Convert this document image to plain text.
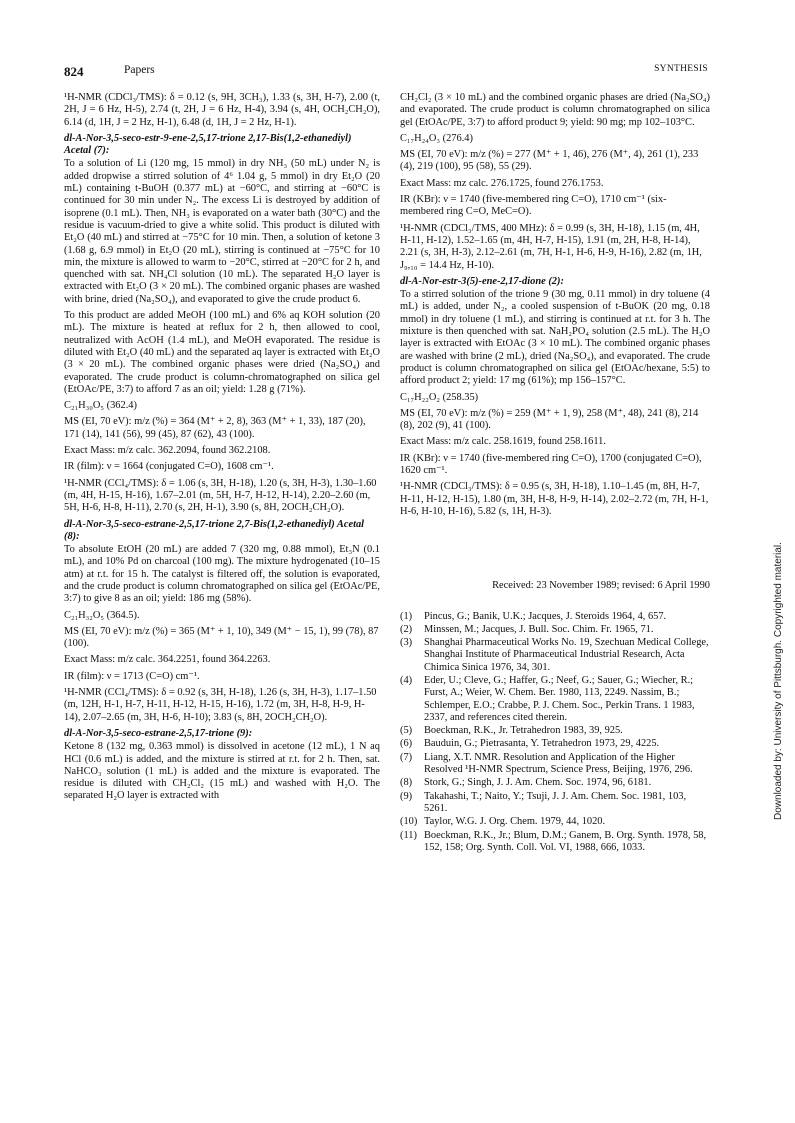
824	Papers	SYNTHESIS
¹H-NMR (CDCl₃/TMS): δ = 0.12 (s, 9H, 3CH₃), 1.33 (s, 3H, H-7), 2.00 (t, 2H, J = 6 Hz, H-5), 2.74 (t, 2H, J = 6 Hz, H-4), 3.94 (s, 4H, OCH₂CH₂O), 6.14 (d, 1H, J = 2 Hz, H-1), 6.48 (d, 1H, J = 2 Hz, H-1).
dl-A-Nor-3,5-seco-estr-9-ene-2,5,17-trione 2,17-Bis(1,2-ethanediyl) Acetal (7):
To a solution of Li (120 mg, 15 mmol) in dry NH₃ (50 mL) under N₂ is added dropwise a stirred solution of 4⁶ 1.04 g, 5 mmol) in dry Et₂O (20 mL) containing t-BuOH (0.377 mL) at −60°C, and stirring at −60°C is continued for 30 min under N₂. The excess Li is destroyed by addition of isoprene (0.1 mL). Then, NH₃ is evaporated on a water bath (30°C) and the residue is vacuum-dried to give a white solid. This product is diluted with Et₂O (40 mL) and stirred at −75°C for 10 min. Then, a solution of ketone 3 (1.68 g, 6.9 mmol) in Et₂O (20 mL), stirring is continued at −75°C for 10 min, the mixture is allowed to warm to −20°C, stirred at −20°C for 2 h, and quenched with sat. NH₄Cl solution (10 mL). The separated H₂O layer is extracted with Et₂O (3 × 20 mL). The combined organic phases are washed with brine, dried (Na₂SO₄), and evaporated to give the crude product 6.
To this product are added MeOH (100 mL) and 6% aq KOH solution (20 mL). The mixture is heated at reflux for 2 h, then allowed to cool, neutralized with AcOH (1.4 mL), and MeOH evaporated. The residue is diluted with Et₂O (40 mL) and the separated aq layer is extracted with Et₂O (3 × 20 mL). The combined organic phases were dried (Na₂SO₄) and evaporated. The crude product is column-chromatographed on silica gel (EtOAc/PE, 3:7) to afford 7 as an oil; yield: 1.28 g (71%).
C₂₁H₃₀O₅ (362.4)
MS (EI, 70 eV): m/z (%) = 364 (M⁺ + 2, 8), 363 (M⁺ + 1, 33), 187 (20), 171 (14), 141 (56), 99 (45), 87 (62), 43 (100).
Exact Mass: m/z calc. 362.2094, found 362.2108.
IR (film): ν = 1664 (conjugated C=O), 1608 cm⁻¹.
¹H-NMR (CCl₄/TMS): δ = 1.06 (s, 3H, H-18), 1.20 (s, 3H, H-3), 1.30–1.60 (m, 4H, H-15, H-16), 1.67–2.01 (m, 5H, H-7, H-12, H-14), 2.20–2.60 (m, 5H, H-6, H-8, H-11), 2.70 (s, 2H, H-1), 3.90 (s, 8H, 2OCH₂CH₂O).
dl-A-Nor-3,5-seco-estrane-2,5,17-trione 2,7-Bis(1,2-ethanediyl) Acetal (8):
To absolute EtOH (20 mL) are added 7 (320 mg, 0.88 mmol), Et₃N (0.1 mL), and 10% Pd on charcoal (100 mg). The mixture hydrogenated (10–15 atm) at r.t. for 15 h. The catalyst is filtered off, the solution is evaporated, and the crude product is column chromatographed on silica gel (EtOAc/PE, 3:7) to give 8 as an oil; yield: 186 mg (58%).
C₂₁H₃₂O₅ (364.5).
MS (EI, 70 eV): m/z (%) = 365 (M⁺ + 1, 10), 349 (M⁺ − 15, 1), 99 (78), 87 (100).
Exact Mass: m/z calc. 364.2251, found 364.2263.
IR (film): ν = 1713 (C=O) cm⁻¹.
¹H-NMR (CCl₄/TMS): δ = 0.92 (s, 3H, H-18), 1.26 (s, 3H, H-3), 1.17–1.50 (m, 12H, H-1, H-7, H-11, H-12, H-15, H-16), 1.72 (m, 3H, H-8, H-9, H-14), 2.07–2.65 (m, 3H, H-6, H-10); 3.83 (s, 8H, 2OCH₂CH₂O).
dl-A-Nor-3,5-seco-estrane-2,5,17-trione (9):
Ketone 8 (132 mg, 0.363 mmol) is dissolved in acetone (12 mL), 1 N aq HCl (0.6 mL) is added, and the mixture is stirred at r.t. for 2 h. Then, sat. NaHCO₃ solution (1 mL) is added and the mixture is evaporated. The residue is diluted with CH₂Cl₂ (15 mL) and washed with H₂O. The separated H₂O layer is extracted with
CH₂Cl₂ (3 × 10 mL) and the combined organic phases are dried (Na₂SO₄) and evaporated. The crude product is column chromatographed on silica gel (EtOAc/PE, 3:7) to afford product 9; yield: 90 mg; mp 102–103°C.
C₁₇H₂₄O₃ (276.4)
MS (EI, 70 eV): m/z (%) = 277 (M⁺ + 1, 46), 276 (M⁺, 4), 261 (1), 233 (4), 219 (100), 95 (58), 55 (29).
Exact Mass: mz calc. 276.1725, found 276.1753.
IR (KBr): ν = 1740 (five-membered ring C=O), 1710 cm⁻¹ (six-membered ring C=O, MeC=O).
¹H-NMR (CDCl₃/TMS, 400 MHz): δ = 0.99 (s, 3H, H-18), 1.15 (m, 4H, H-11, H-12), 1.52–1.65 (m, 4H, H-7, H-15), 1.91 (m, 2H, H-8, H-14), 2.21 (s, 3H, H-3), 2.12–2.61 (m, 7H, H-1, H-6, H-9, H-16), 2.82 (m, 1H, J₉,₁₀ = 14.4 Hz, H-10).
dl-A-Nor-estr-3(5)-ene-2,17-dione (2):
To a stirred solution of the trione 9 (30 mg, 0.11 mmol) in dry toluene (4 mL) is added, under N₂, a cooled suspension of t-BuOK (20 mg, 0.18 mmol) in dry toluene (1 mL), and stirring is continued at r.t. for 3 h. The mixture is then quenched with sat. NaH₂PO₄ solution (2.5 mL). The H₂O layer is extracted with EtOAc (3 × 10 mL). The combined organic phases are washed with brine (2 mL), dried (Na₂SO₄), and evaporated. The crude product is column chromatographed on silica gel (EtOAc/hexane, 5:5) to afford product 2; yield: 17 mg (61%); mp 156–157°C.
C₁₇H₂₂O₂ (258.35)
MS (EI, 70 eV): m/z (%) = 259 (M⁺ + 1, 9), 258 (M⁺, 48), 241 (8), 214 (8), 202 (9), 41 (100).
Exact Mass: m/z calc. 258.1619, found 258.1611.
IR (KBr): ν = 1740 (five-membered ring C=O), 1700 (conjugated C=O), 1620 cm⁻¹.
¹H-NMR (CDCl₃/TMS): δ = 0.95 (s, 3H, H-18), 1.10–1.45 (m, 8H, H-7, H-11, H-12, H-15), 1.80 (m, 3H, H-8, H-9, H-14), 2.02–2.72 (m, 7H, H-1, H-6, H-10, H-16), 5.82 (s, 1H, H-3).
Received: 23 November 1989; revised: 6 April 1990
(1)	Pincus, G.; Banik, U.K.; Jacques, J. Steroids 1964, 4, 657.
(2)	Minssen, M.; Jacques, J. Bull. Soc. Chim. Fr. 1965, 71.
(3)	Shanghai Pharmaceutical Works No. 19, Szechuan Medical College, Shanghai Institute of Pharmaceutical Industrial Research, Acta Chimica Sinica 1976, 34, 301.
(4)	Eder, U.; Cleve, G.; Haffer, G.; Neef, G.; Sauer, G.; Wiecher, R.; Furst, A.; Weier, W. Chem. Ber. 1980, 113, 2249. Nassim, B.; Schlemper, E.O.; Crabbe, P. J. Chem. Soc., Perkin Trans. 1 1983, 2337, and references cited therein.
(5)	Boeckman, R.K., Jr. Tetrahedron 1983, 39, 925.
(6)	Bauduin, G.; Pietrasanta, Y. Tetrahedron 1973, 29, 4225.
(7)	Liang, X.T. NMR. Resolution and Application of the Higher Resolved ¹H-NMR Spectrum, Science Press, Beijing, 1976, 296.
(8)	Stork, G.; Singh, J. J. Am. Chem. Soc. 1974, 96, 6181.
(9)	Takahashi, T.; Naito, Y.; Tsuji, J. J. Am. Chem. Soc. 1981, 103, 5261.
(10) Taylor, W.G. J. Org. Chem. 1979, 44, 1020.
(11) Boeckman, R.K., Jr.; Blum, D.M.; Ganem, B. Org. Synth. 1978, 58, 152, 158; Org. Synth. Coll. Vol. VI, 1988, 666, 1033.
Downloaded by: University of Pittsburgh. Copyrighted material.
